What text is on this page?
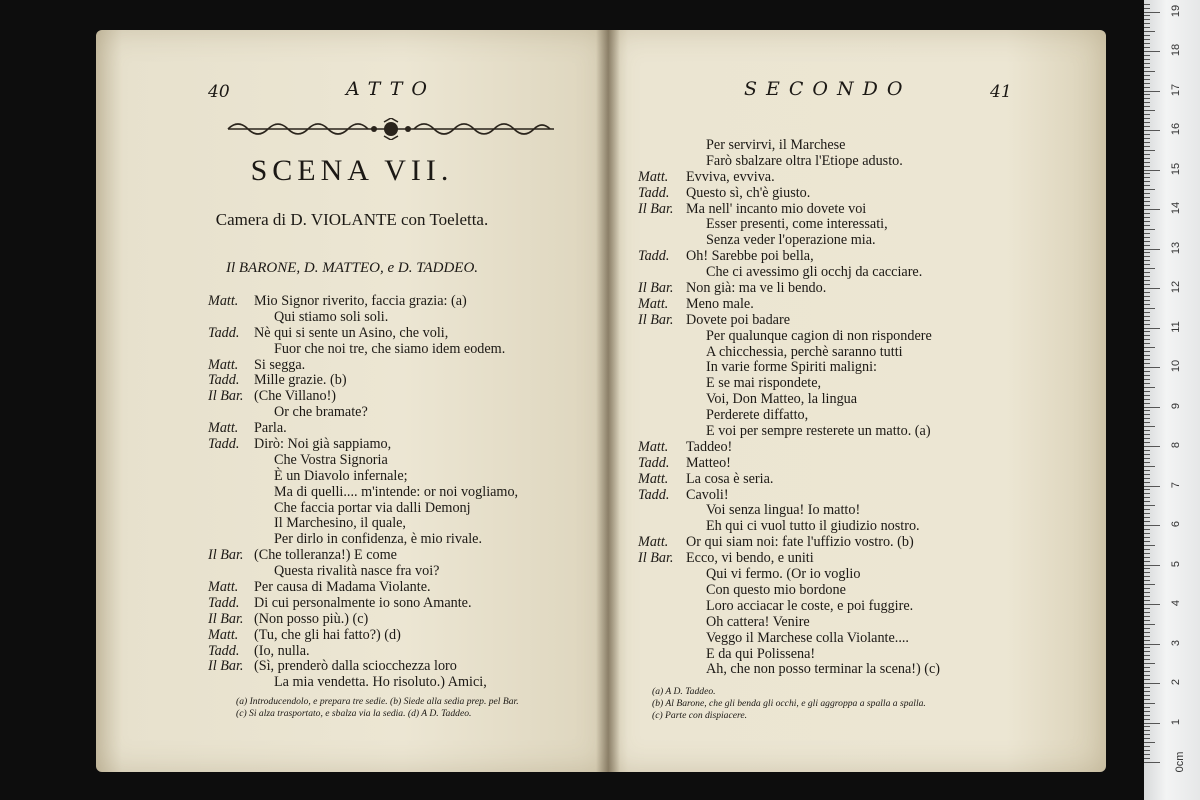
40	ATTO
SCENA VII.
Camera di D. VIOLANTE con Toeletta.
Il BARONE, D. MATTEO, e D. TADDEO.
Matt. Mio Signor riverito, faccia grazia: (a)
Qui stiamo soli soli.
Tadd. Nè qui si sente un Asino, che voli,
Fuor che noi tre, che siamo idem eodem.
Matt. Si segga.
Tadd. Mille grazie. (b)
Il Bar. (Che Villano!)
Or che bramate?
Matt. Parla.
Tadd. Dirò: Noi già sappiamo,
Che Vostra Signoria
È un Diavolo infernale;
Ma di quelli.... m'intende: or noi vogliamo,
Che faccia portar via dalli Demonj
Il Marchesino, il quale,
Per dirlo in confidenza, è mio rivale.
Il Bar. (Che tolleranza!) E come
Questa rivalità nasce fra voi?
Matt. Per causa di Madama Violante.
Tadd. Di cui personalmente io sono Amante.
Il Bar. (Non posso più.) (c)
Matt. (Tu, che gli hai fatto?) (d)
Tadd. (Io, nulla.
Il Bar. (Sì, prenderò dalla sciocchezza loro
La mia vendetta. Ho risoluto.) Amici,
(a) Introducendolo, e prepara tre sedie. (b) Siede alla sedia prep. pel Bar.
(c) Si alza trasportato, e sbalza via la sedia. (d) A D. Taddeo.
SECONDO	41
Per servirvi, il Marchese
Farò sbalzare oltra l'Etiope adusto.
Matt. Evviva, evviva.
Tadd. Questo sì, ch'è giusto.
Il Bar. Ma nell' incanto mio dovete voi
Esser presenti, come interessati,
Senza veder l'operazione mia.
Tadd. Oh! Sarebbe poi bella,
Che ci avessimo gli occhj da cacciare.
Il Bar. Non già: ma ve li bendo.
Matt. Meno male.
Il Bar. Dovete poi badare
Per qualunque cagion di non rispondere
A chicchessia, perchè saranno tutti
In varie forme Spiriti maligni:
E se mai rispondete,
Voi, Don Matteo, la lingua
Perderete diffatto,
E voi per sempre resterete un matto. (a)
Matt. Taddeo!
Tadd. Matteo!
Matt. La cosa è seria.
Tadd. Cavoli!
Voi senza lingua! Io matto!
Eh qui ci vuol tutto il giudizio nostro.
Matt. Or qui siam noi: fate l'uffizio vostro. (b)
Il Bar. Ecco, vi bendo, e uniti
Qui vi fermo. (Or io voglio
Con questo mio bordone
Loro acciacar le coste, e poi fuggire.
Oh cattera! Venire
Veggo il Marchese colla Violante....
E da qui Polissena!
Ah, che non posso terminar la scena!) (c)
(a) A D. Taddeo.
(b) Al Barone, che gli benda gli occhi, e gli aggroppa a spalla a spalla.
(c) Parte con dispiacere.
0cm
1
2
3
4
5
6
7
8
9
10
11
12
13
14
15
16
17
18
19
